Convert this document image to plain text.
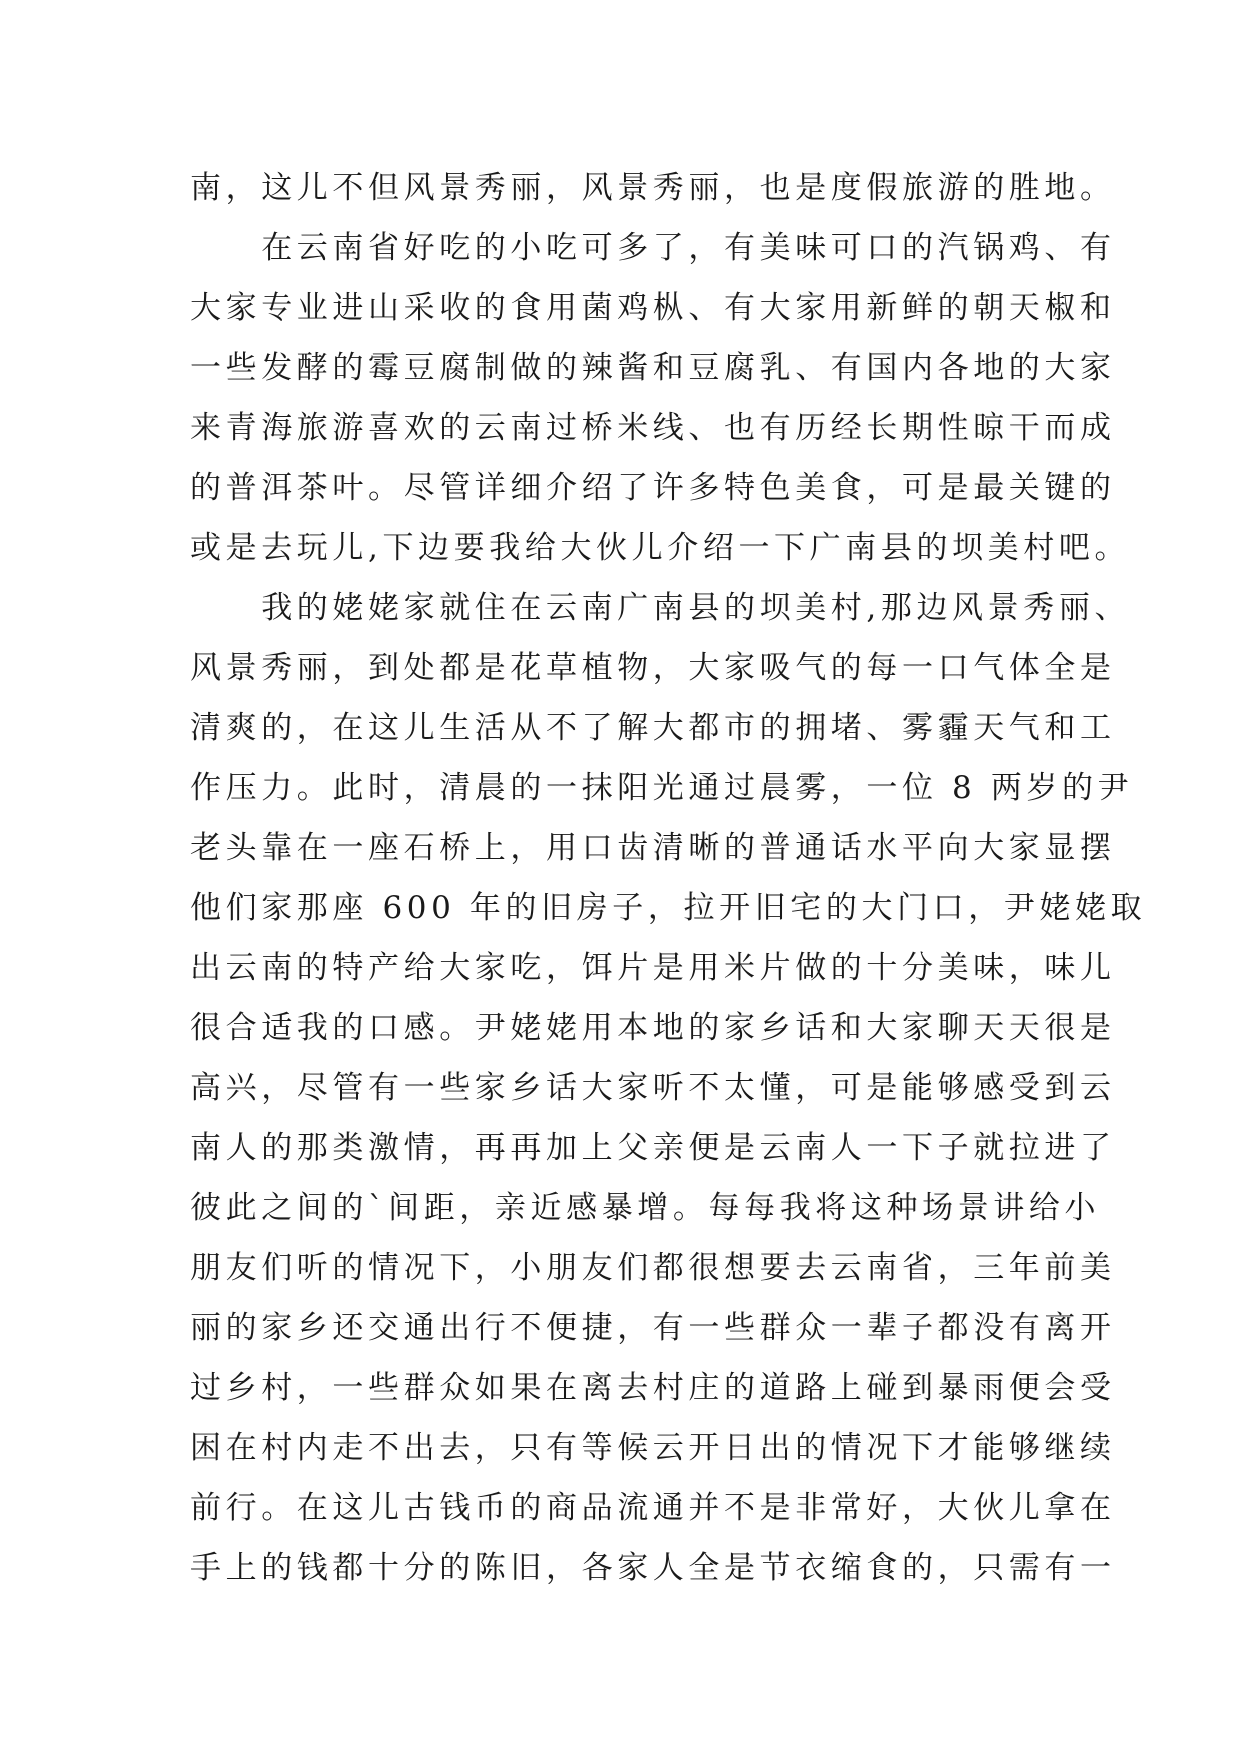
南，这儿不但风景秀丽，风景秀丽，也是度假旅游的胜地。
　　在云南省好吃的小吃可多了，有美味可口的汽锅鸡、有
大家专业进山采收的食用菌鸡枞、有大家用新鲜的朝天椒和
一些发酵的霉豆腐制做的辣酱和豆腐乳、有国内各地的大家
来青海旅游喜欢的云南过桥米线、也有历经长期性晾干而成
的普洱茶叶。尽管详细介绍了许多特色美食，可是最关键的
或是去玩儿,下边要我给大伙儿介绍一下广南县的坝美村吧。
　　我的姥姥家就住在云南广南县的坝美村,那边风景秀丽、
风景秀丽，到处都是花草植物，大家吸气的每一口气体全是
清爽的，在这儿生活从不了解大都市的拥堵、雾霾天气和工
作压力。此时，清晨的一抹阳光通过晨雾，一位 8 两岁的尹
老头靠在一座石桥上，用口齿清晰的普通话水平向大家显摆
他们家那座 600 年的旧房子，拉开旧宅的大门口，尹姥姥取
出云南的特产给大家吃，饵片是用米片做的十分美味，味儿
很合适我的口感。尹姥姥用本地的家乡话和大家聊天天很是
高兴，尽管有一些家乡话大家听不太懂，可是能够感受到云
南人的那类激情，再再加上父亲便是云南人一下子就拉进了
彼此之间的`间距，亲近感暴增。每每我将这种场景讲给小
朋友们听的情况下，小朋友们都很想要去云南省，三年前美
丽的家乡还交通出行不便捷，有一些群众一辈子都没有离开
过乡村，一些群众如果在离去村庄的道路上碰到暴雨便会受
困在村内走不出去，只有等候云开日出的情况下才能够继续
前行。在这儿古钱币的商品流通并不是非常好，大伙儿拿在
手上的钱都十分的陈旧，各家人全是节衣缩食的，只需有一
